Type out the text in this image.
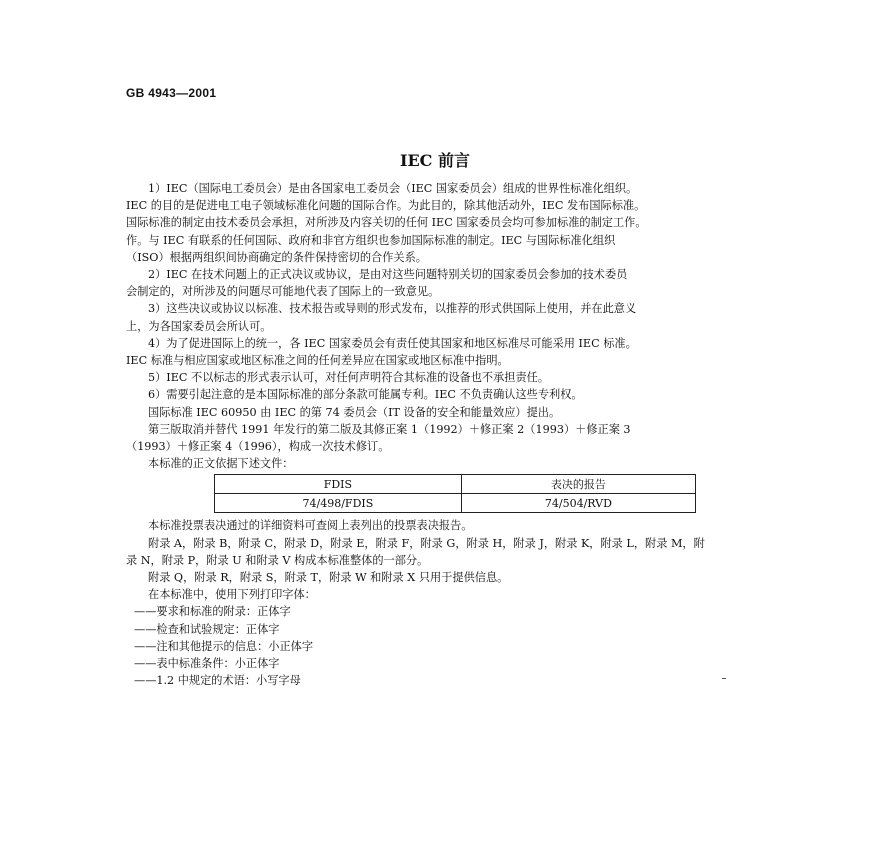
GB 4943—2001
IEC 前言

1）IEC（国际电工委员会）是由各国家电工委员会（IEC 国家委员会）组成的世界性标准化组织。

IEC 的目的是促进电工电子领域标准化问题的国际合作。为此目的，除其他活动外，IEC 发布国际标准。

国际标准的制定由技术委员会承担，对所涉及内容关切的任何 IEC 国家委员会均可参加标准的制定工作。

作。与 IEC 有联系的任何国际、政府和非官方组织也参加国际标准的制定。IEC 与国际标准化组织

（ISO）根据两组织间协商确定的条件保持密切的合作关系。

2）IEC 在技术问题上的正式决议或协议，是由对这些问题特别关切的国家委员会参加的技术委员

会制定的，对所涉及的问题尽可能地代表了国际上的一致意见。

3）这些决议或协议以标准、技术报告或导则的形式发布，以推荐的形式供国际上使用，并在此意义

上，为各国家委员会所认可。

4）为了促进国际上的统一，各 IEC 国家委员会有责任使其国家和地区标准尽可能采用 IEC 标准。

IEC 标准与相应国家或地区标准之间的任何差异应在国家或地区标准中指明。

5）IEC 不以标志的形式表示认可，对任何声明符合其标准的设备也不承担责任。

6）需要引起注意的是本国际标准的部分条款可能属专利。IEC 不负责确认这些专利权。

国际标准 IEC 60950 由 IEC 的第 74 委员会（IT 设备的安全和能量效应）提出。

第三版取消并替代 1991 年发行的第二版及其修正案 1（1992）＋修正案 2（1993）＋修正案 3

（1993）＋修正案 4（1996），构成一次技术修订。

本标准的正文依据下述文件：

FDIS	表决的报告
74/498/FDIS	74/504/RVD

本标准投票表决通过的详细资料可查阅上表列出的投票表决报告。

附录 A，附录 B，附录 C，附录 D，附录 E，附录 F，附录 G，附录 H，附录 J，附录 K，附录 L，附录 M，附

录 N，附录 P，附录 U 和附录 V 构成本标准整体的一部分。

附录 Q，附录 R，附录 S，附录 T，附录 W 和附录 X 只用于提供信息。

在本标准中，使用下列打印字体：

——要求和标准的附录：正体字

——检查和试验规定：正体字

——注和其他提示的信息：小正体字

——表中标准条件：小正体字

——1.2 中规定的术语：小写字母
